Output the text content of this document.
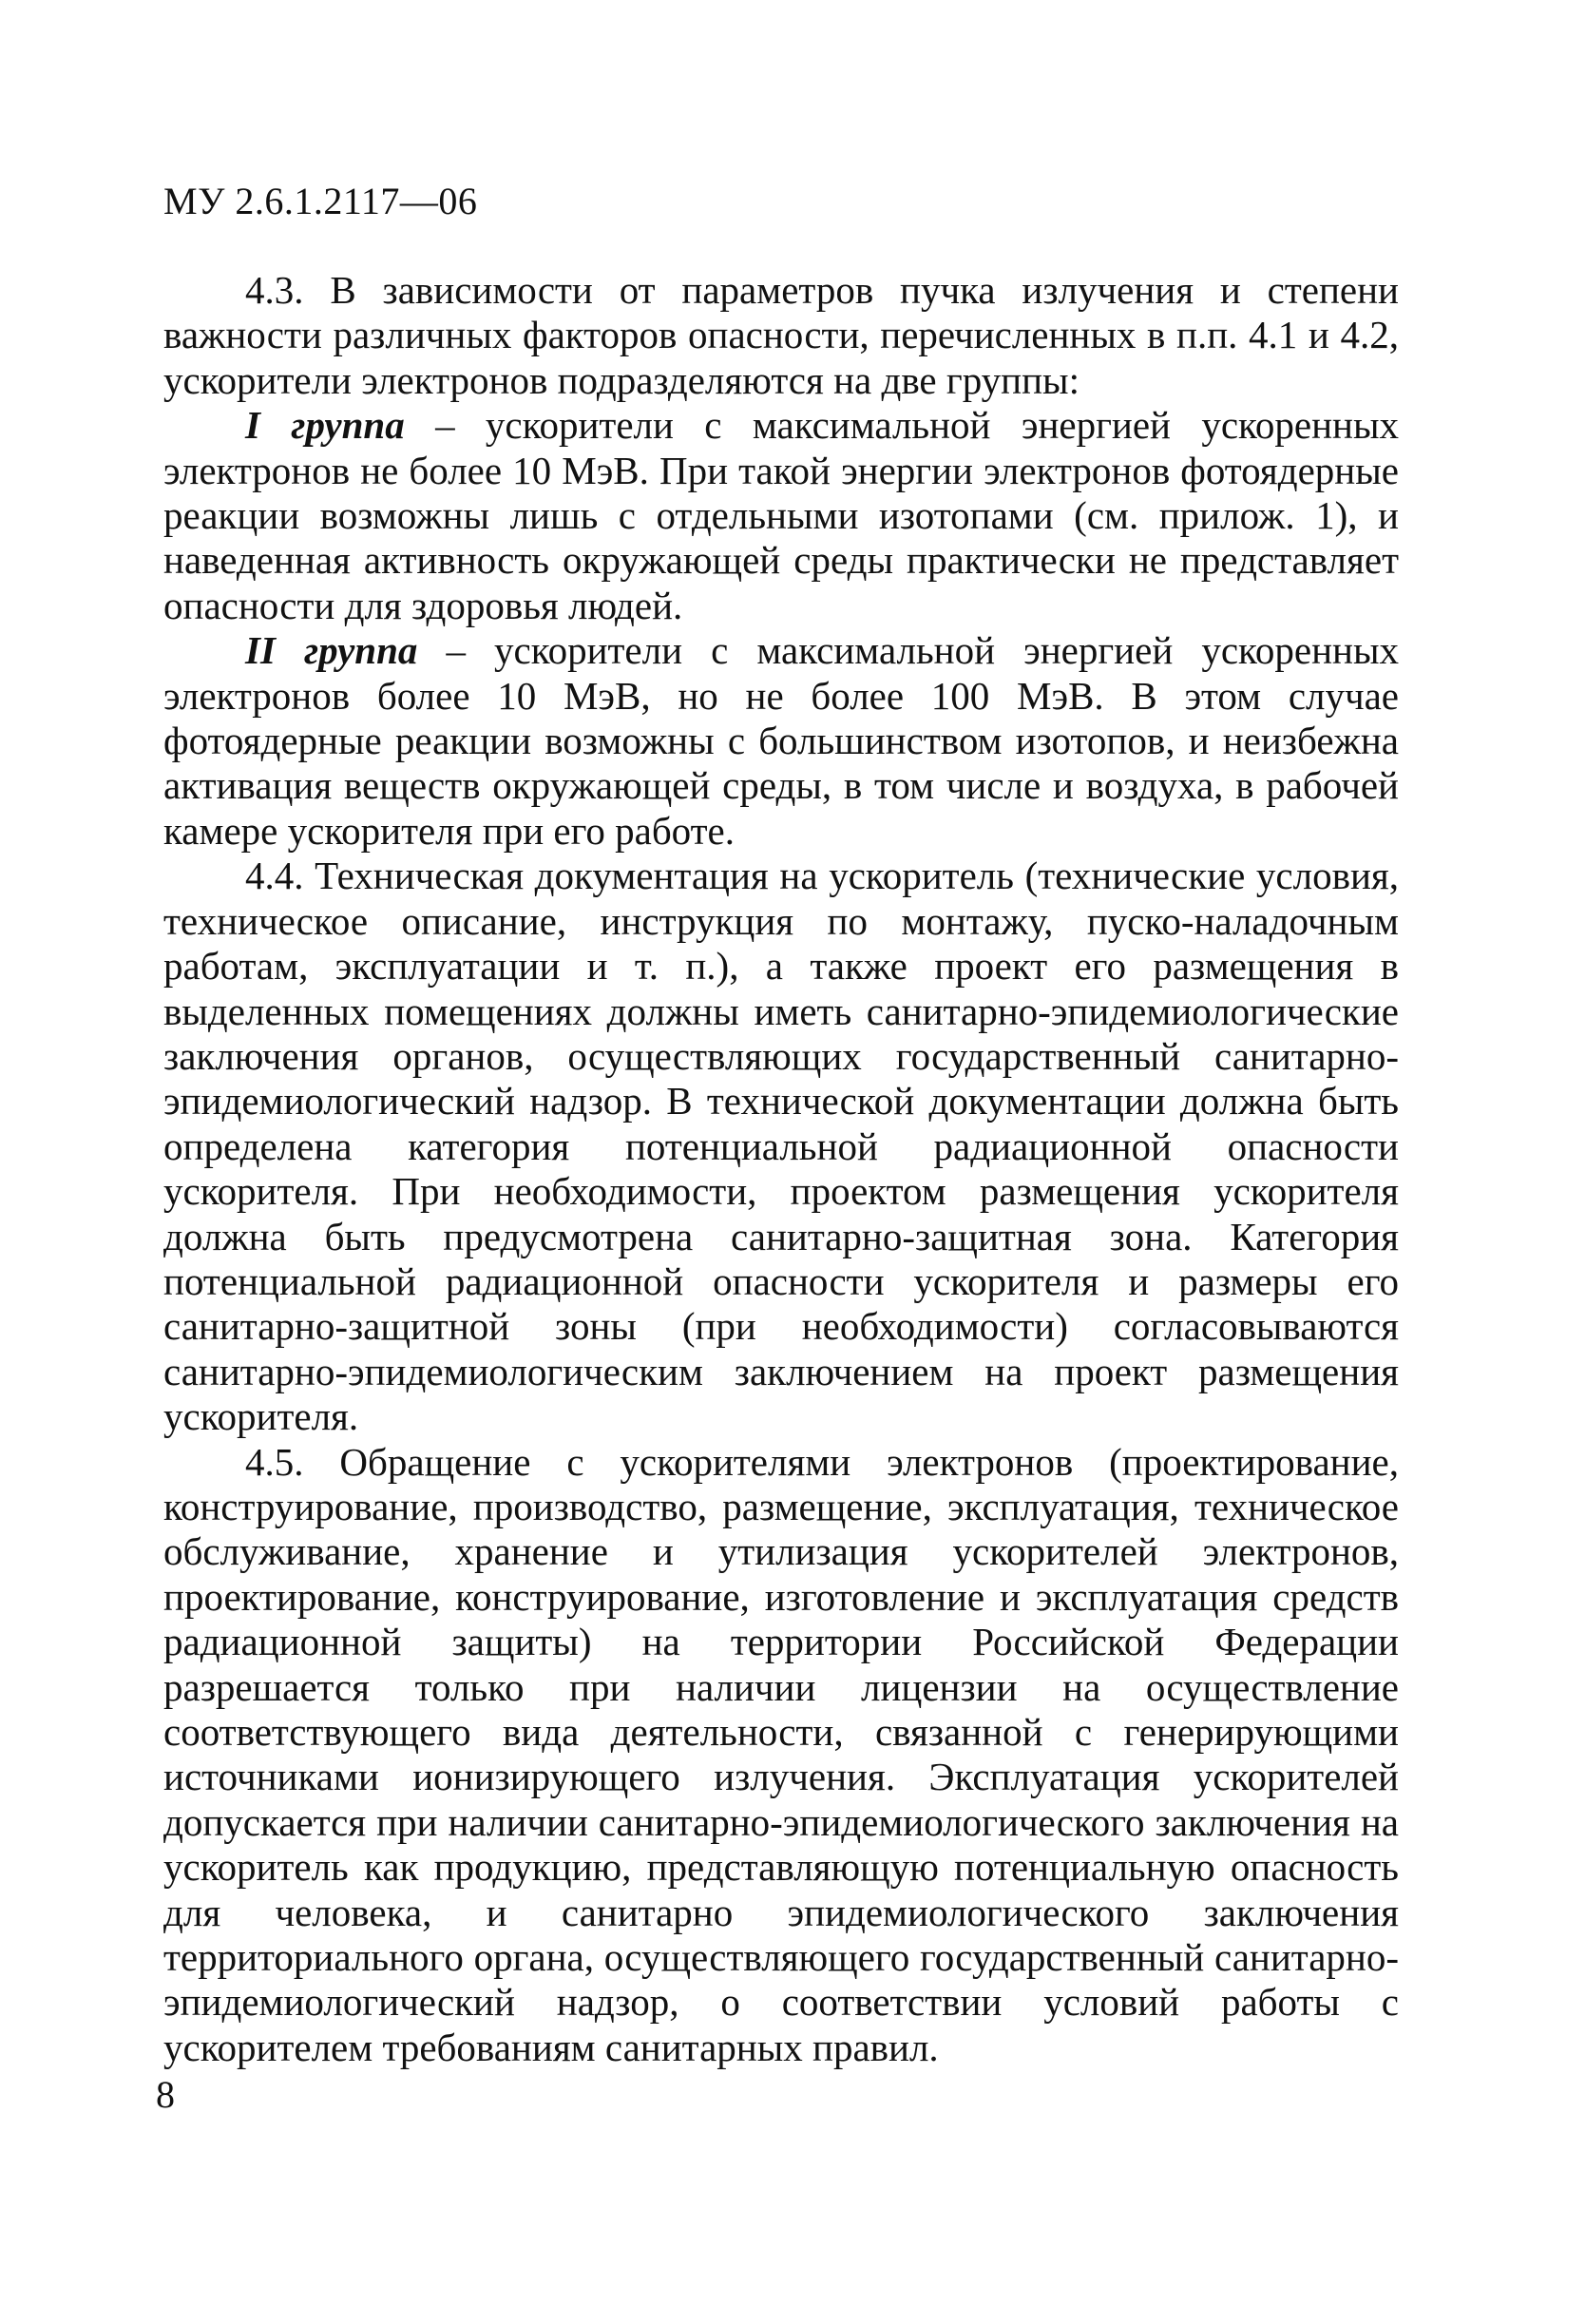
МУ 2.6.1.2117—06

4.3. В зависимости от параметров пучка излучения и степени важности различных факторов опасности, перечисленных в п.п. 4.1 и 4.2, ускорители электронов подразделяются на две группы:

I группа – ускорители с максимальной энергией ускоренных электронов не более 10 МэВ. При такой энергии электронов фотоядерные реакции возможны лишь с отдельными изотопами (см. прилож. 1), и наведенная активность окружающей среды практически не представляет опасности для здоровья людей.

II группа – ускорители с максимальной энергией ускоренных электронов более 10 МэВ, но не более 100 МэВ. В этом случае фотоядерные реакции возможны с большинством изотопов, и неизбежна активация веществ окружающей среды, в том числе и воздуха, в рабочей камере ускорителя при его работе.

4.4. Техническая документация на ускоритель (технические условия, техническое описание, инструкция по монтажу, пуско-наладочным работам, эксплуатации и т. п.), а также проект его размещения в выделенных помещениях должны иметь санитарно-эпидемиологические заключения органов, осуществляющих государственный санитарно-эпидемиологический надзор. В технической документации должна быть определена категория потенциальной радиационной опасности ускорителя. При необходимости, проектом размещения ускорителя должна быть предусмотрена санитарно-защитная зона. Категория потенциальной радиационной опасности ускорителя и размеры его санитарно-защитной зоны (при необходимости) согласовываются санитарно-эпидемиологическим заключением на проект размещения ускорителя.

4.5. Обращение с ускорителями электронов (проектирование, конструирование, производство, размещение, эксплуатация, техническое обслуживание, хранение и утилизация ускорителей электронов, проектирование, конструирование, изготовление и эксплуатация средств радиационной защиты) на территории Российской Федерации разрешается только при наличии лицензии на осуществление соответствующего вида деятельности, связанной с генерирующими источниками ионизирующего излучения. Эксплуатация ускорителей допускается при наличии санитарно-эпидемиологического заключения на ускоритель как продукцию, представляющую потенциальную опасность для человека, и санитарно эпидемиологического заключения территориального органа, осуществляющего государственный санитарно-эпидемиологический надзор, о соответствии условий работы с ускорителем требованиям санитарных правил.

8
